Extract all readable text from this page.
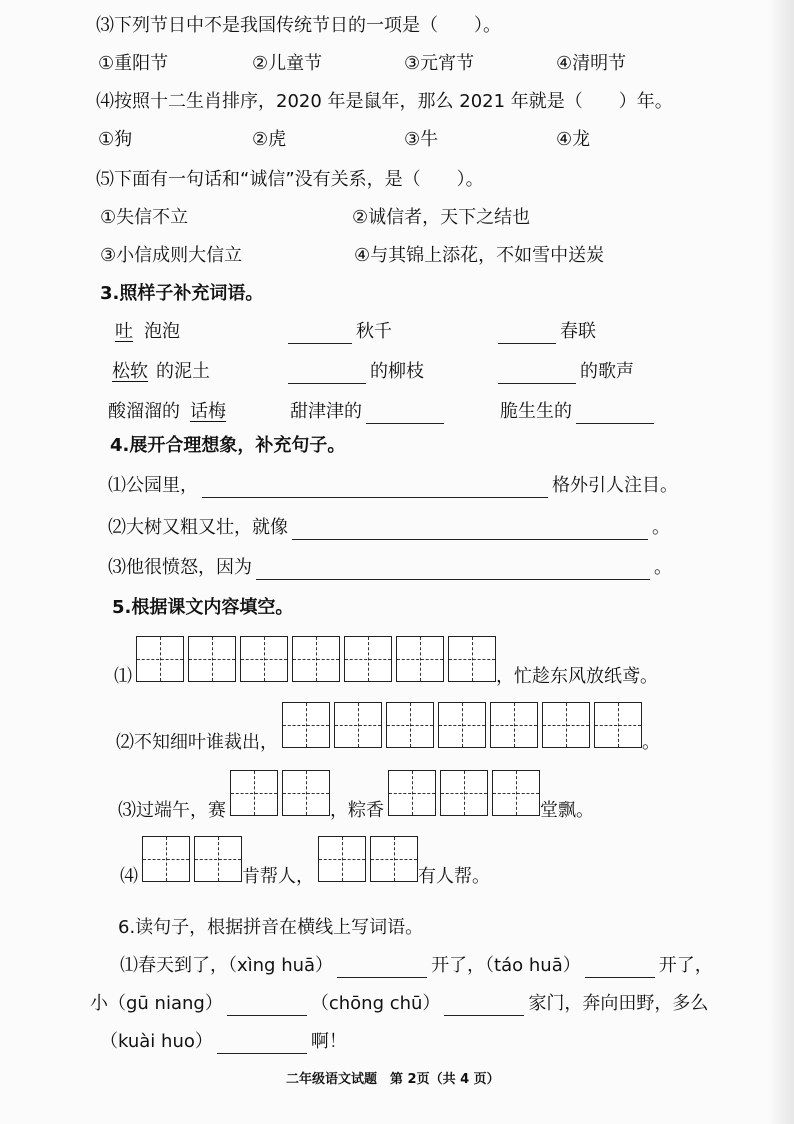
⑶下列节日中不是我国传统节日的一项是（　　）。
①重阳节	②儿童节	③元宵节	④清明节
⑷按照十二生肖排序，2020 年是鼠年，那么 2021 年就是（　　）年。
①狗	②虎	③牛	④龙
⑸下面有一句话和“诚信”没有关系，是（　　）。
①失信不立	②诚信者，天下之结也
③小信成则大信立	④与其锦上添花，不如雪中送炭
3.照样子补充词语。
吐 泡泡	秋千	春联
松软 的泥土	的柳枝	的歌声
酸溜溜的 话梅	甜津津的	脆生生的
4.展开合理想象，补充句子。
⑴公园里，	格外引人注目。
⑵大树又粗又壮，就像	。
⑶他很愤怒，因为	。
5.根据课文内容填空。
⑴	，忙趁东风放纸鸢。
⑵不知细叶谁裁出，	。
⑶过端午，赛	，粽香	堂飘。
⑷	肯帮人，	有人帮。
6.读句子，根据拼音在横线上写词语。
⑴春天到了，（xìng huā）	开了，（táo huā）	开了，
小（gū niang）	（chōng chū）	家门，奔向田野，多么
（kuài huo）	啊！
二年级语文试题　第 2页（共 4 页）
